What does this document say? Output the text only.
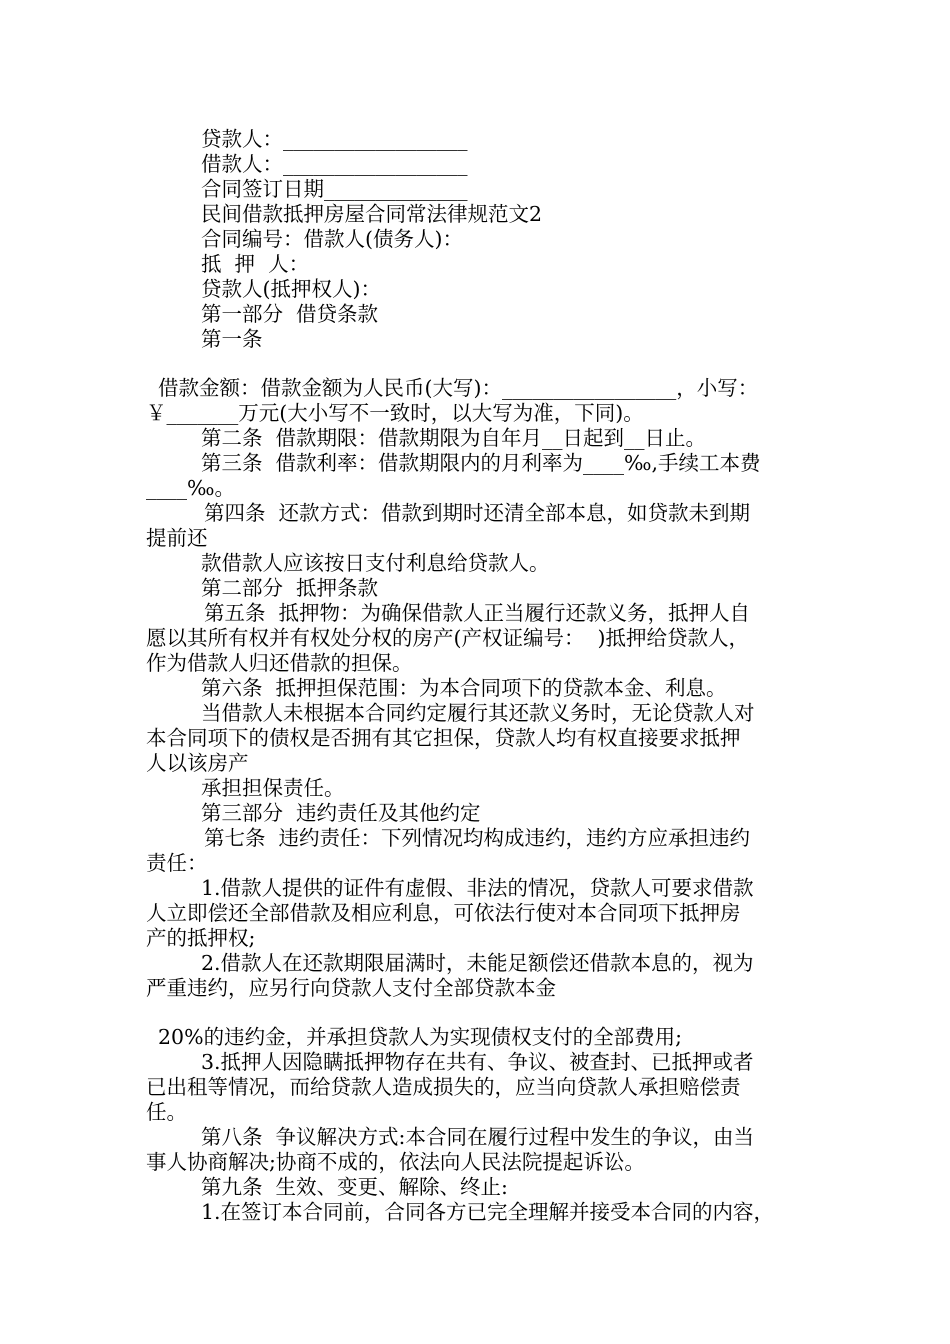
贷款人：__________________
借款人：__________________
合同签订日期______________
民间借款抵押房屋合同常法律规范文2
合同编号：借款人(债务人)：
抵  押  人：
贷款人(抵押权人)：
第一部分  借贷条款
第一条
借款金额：借款金额为人民币(大写)：_________________，小写：
￥_______万元(大小写不一致时，以大写为准，下同)。
第二条  借款期限：借款期限为自年月__日起到__日止。
第三条  借款利率：借款期限内的月利率为____‰,手续工本费
____‰。
第四条  还款方式：借款到期时还清全部本息，如贷款未到期
提前还
款借款人应该按日支付利息给贷款人。
第二部分  抵押条款
第五条  抵押物：为确保借款人正当履行还款义务，抵押人自
愿以其所有权并有权处分权的房产(产权证编号：  )抵押给贷款人，
作为借款人归还借款的担保。
第六条  抵押担保范围：为本合同项下的贷款本金、利息。
当借款人未根据本合同约定履行其还款义务时，无论贷款人对
本合同项下的债权是否拥有其它担保，贷款人均有权直接要求抵押
人以该房产
承担担保责任。
第三部分  违约责任及其他约定
第七条  违约责任：下列情况均构成违约，违约方应承担违约
责任：
1.借款人提供的证件有虚假、非法的情况，贷款人可要求借款
人立即偿还全部借款及相应利息，可依法行使对本合同项下抵押房
产的抵押权;
2.借款人在还款期限届满时，未能足额偿还借款本息的，视为
严重违约，应另行向贷款人支付全部贷款本金
20%的违约金，并承担贷款人为实现债权支付的全部费用;
3.抵押人因隐瞒抵押物存在共有、争议、被查封、已抵押或者
已出租等情况，而给贷款人造成损失的，应当向贷款人承担赔偿责
任。
第八条  争议解决方式:本合同在履行过程中发生的争议，由当
事人协商解决;协商不成的，依法向人民法院提起诉讼。
第九条  生效、变更、解除、终止:
1.在签订本合同前，合同各方已完全理解并接受本合同的内容，
